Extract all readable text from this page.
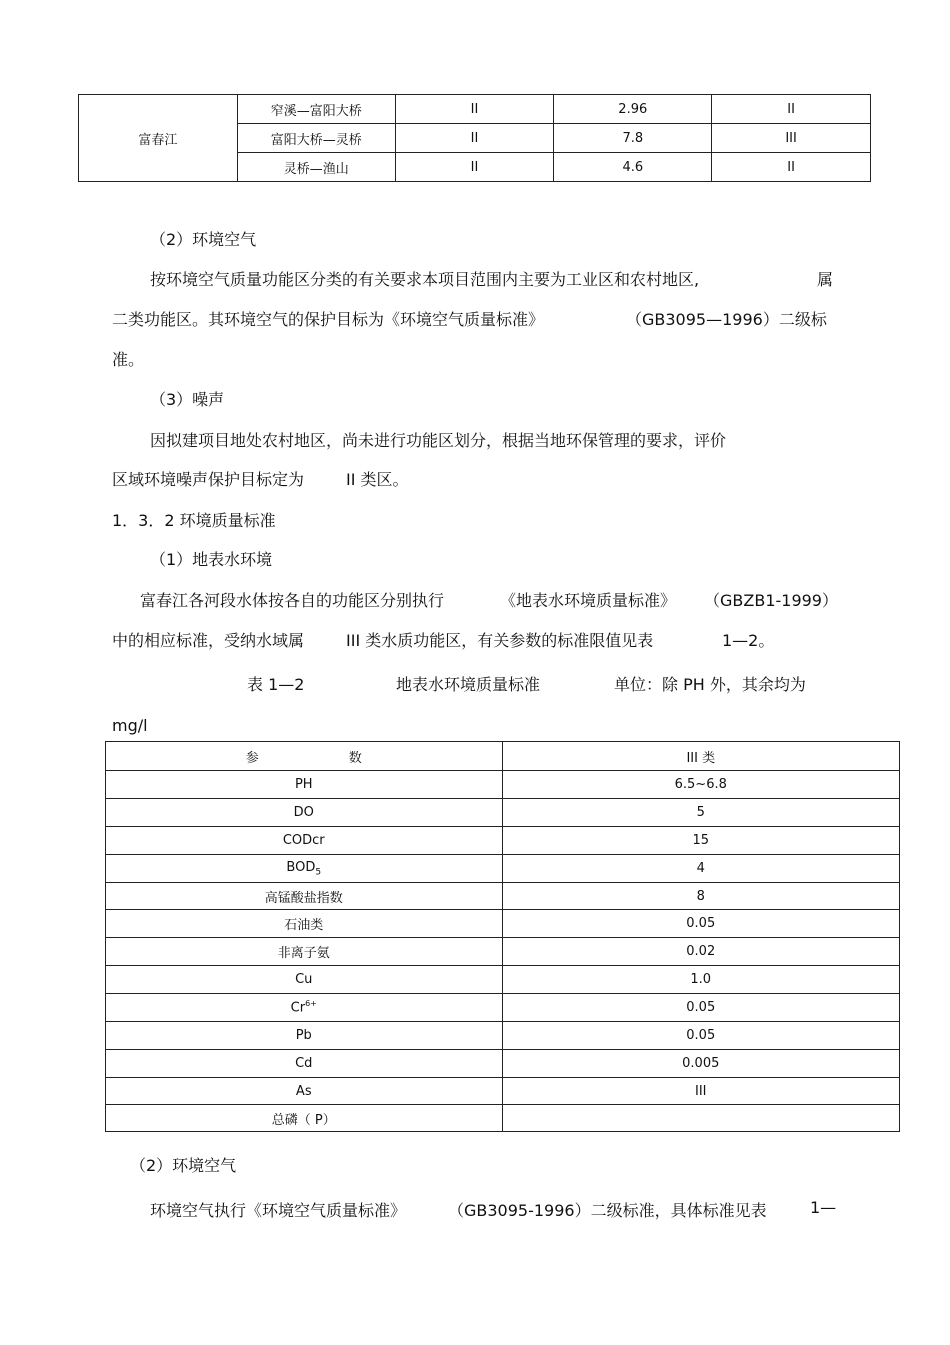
富春江	窄溪—富阳大桥	II	2.96	II
	富阳大桥—灵桥	II	7.8	III
	灵桥—渔山	II	4.6	II
（2）环境空气
按环境空气质量功能区分类的有关要求本项目范围内主要为工业区和农村地区,	属
二类功能区。其环境空气的保护目标为《环境空气质量标准》	（GB3095—1996）二级标
准。
（3）噪声
因拟建项目地处农村地区，尚未进行功能区划分，根据当地环保管理的要求，评价
区域环境噪声保护目标定为	II 类区。
1．3．2 环境质量标准
（1）地表水环境
富春江各河段水体按各自的功能区分别执行	《地表水环境质量标准》 （GBZB1-1999）
中的相应标准，受纳水域属	III 类水质功能区，有关参数的标准限值见表	1—2。
表 1—2	地表水环境质量标准	单位：除 PH 外，其余均为
mg/l
参 数	III 类
PH	6.5~6.8
DO	5
CODcr	15
$BOD_5$	4
高锰酸盐指数	8
石油类	0.05
非离子氨	0.02
Cu	1.0
$Cr^{6+}$	0.05
Pb	0.05
Cd	0.005
As	III
总磷（ P）	
（2）环境空气
环境空气执行《环境空气质量标准》	（GB3095-1996）二级标准，具体标准见表	1—
